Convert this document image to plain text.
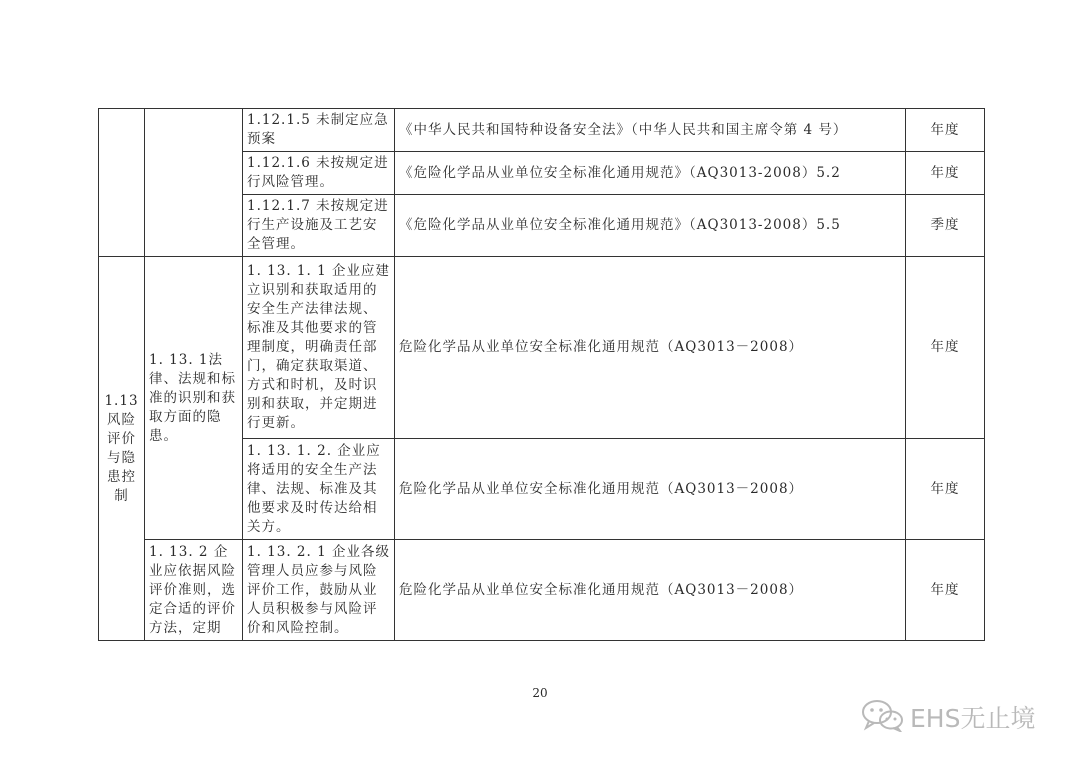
		1.12.1.5 未制定应急预案	《中华人民共和国特种设备安全法》（中华人民共和国主席令第 4 号）	年度
		1.12.1.6 未按规定进行风险管理。	《危险化学品从业单位安全标准化通用规范》（AQ3013-2008）5.2	年度
		1.12.1.7 未按规定进行生产设施及工艺安全管理。	《危险化学品从业单位安全标准化通用规范》（AQ3013-2008）5.5	季度
1.13 风险评价与隐患控制	1. 13. 1法律、法规和标准的识别和获取方面的隐患。	1. 13. 1. 1 企业应建立识别和获取适用的安全生产法律法规、标准及其他要求的管理制度，明确责任部门，确定获取渠道、方式和时机，及时识别和获取，并定期进行更新。	危险化学品从业单位安全标准化通用规范（AQ3013－2008）	年度
		1. 13. 1. 2. 企业应将适用的安全生产法律、法规、标准及其他要求及时传达给相关方。	危险化学品从业单位安全标准化通用规范（AQ3013－2008）	年度
	1. 13. 2 企业应依据风险评价准则，选定合适的评价方法，定期	1. 13. 2. 1 企业各级管理人员应参与风险评价工作，鼓励从业人员积极参与风险评价和风险控制。	危险化学品从业单位安全标准化通用规范（AQ3013－2008）	年度
20
EHS无止境
